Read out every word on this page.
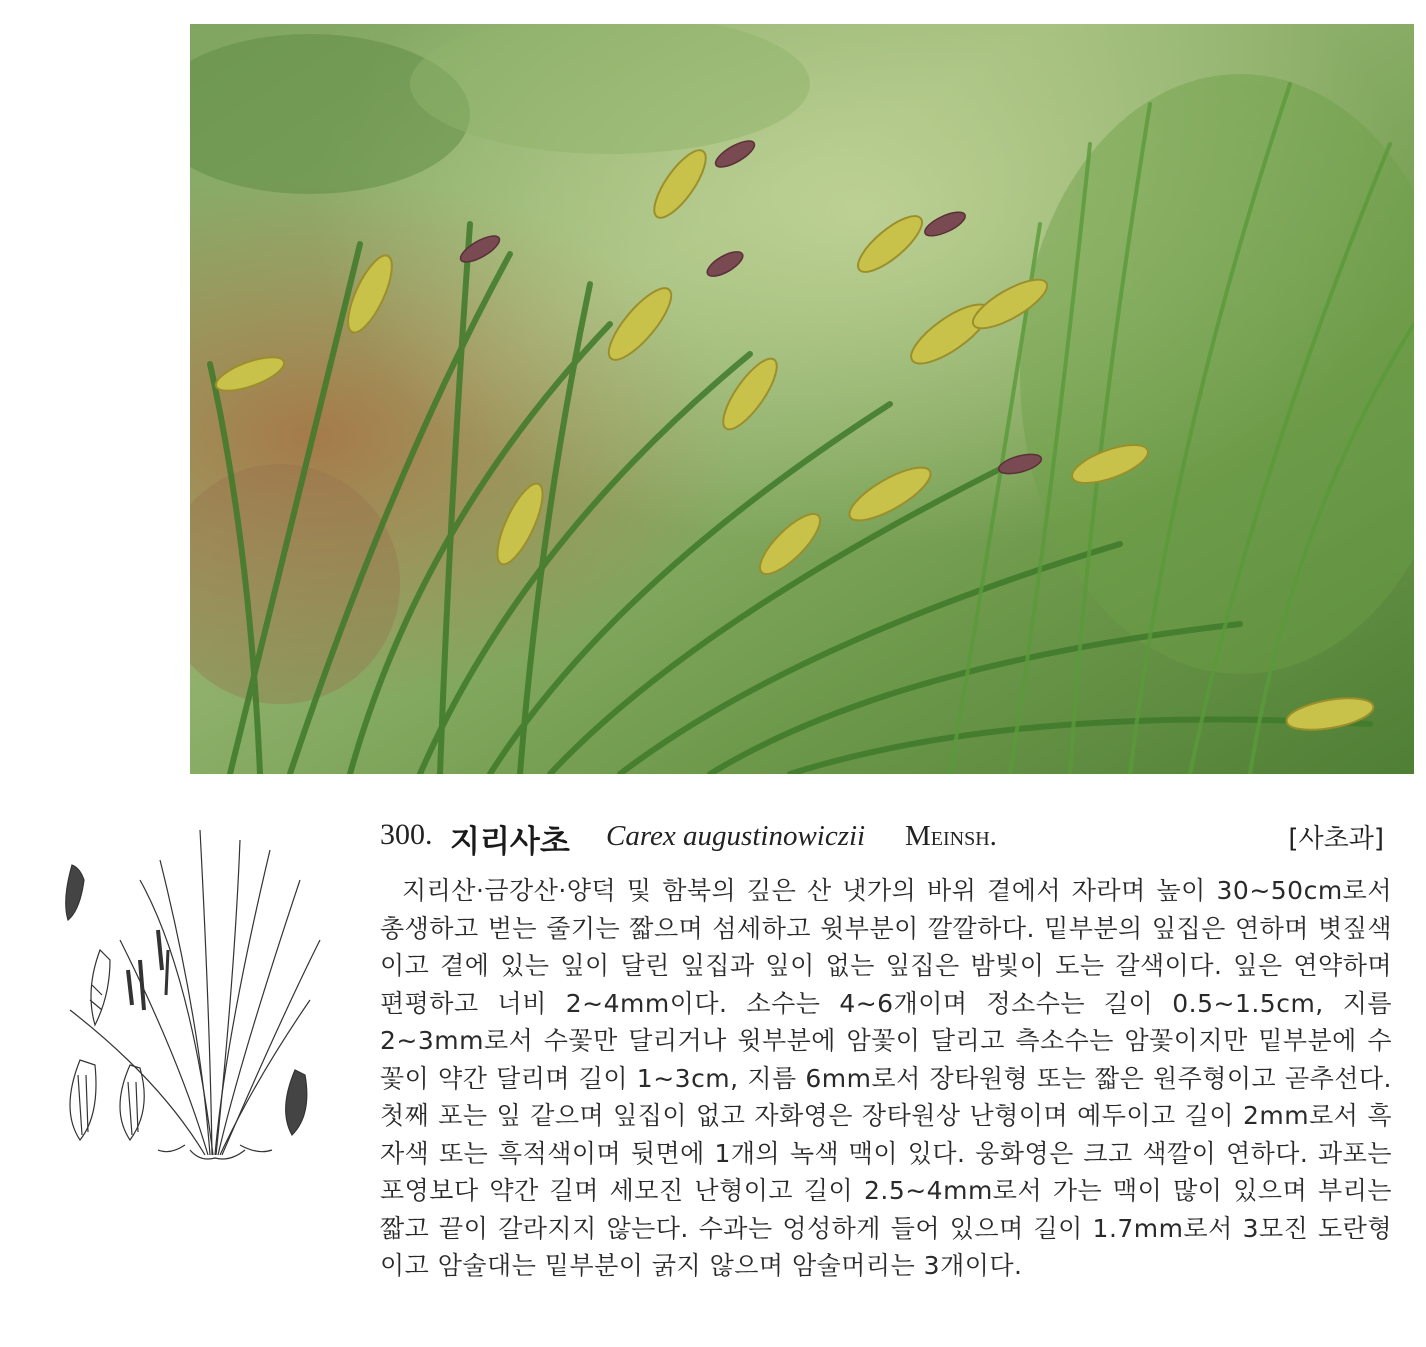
300. 지리사초 Carex augustinowiczii Meinsh.	[사초과]

지리산·금강산·양덕 및 함북의 깊은 산 냇가의 바위 곁에서 자라며 높이 30∼50cm로서 총생하고 벋는 줄기는 짧으며 섬세하고 윗부분이 깔깔하다. 밑부분의 잎집은 연하며 볏짚색이고 곁에 있는 잎이 달린 잎집과 잎이 없는 잎집은 밤빛이 도는 갈색이다. 잎은 연약하며 편평하고 너비 2∼4mm이다. 소수는 4∼6개이며 정소수는 길이 0.5∼1.5cm, 지름 2∼3mm로서 수꽃만 달리거나 윗부분에 암꽃이 달리고 측소수는 암꽃이지만 밑부분에 수꽃이 약간 달리며 길이 1∼3cm, 지름 6mm로서 장타원형 또는 짧은 원주형이고 곧추선다. 첫째 포는 잎 같으며 잎집이 없고 자화영은 장타원상 난형이며 예두이고 길이 2mm로서 흑자색 또는 흑적색이며 뒷면에 1개의 녹색 맥이 있다. 웅화영은 크고 색깔이 연하다. 과포는 포영보다 약간 길며 세모진 난형이고 길이 2.5∼4mm로서 가는 맥이 많이 있으며 부리는 짧고 끝이 갈라지지 않는다. 수과는 엉성하게 들어 있으며 길이 1.7mm로서 3모진 도란형이고 암술대는 밑부분이 굵지 않으며 암술머리는 3개이다.
